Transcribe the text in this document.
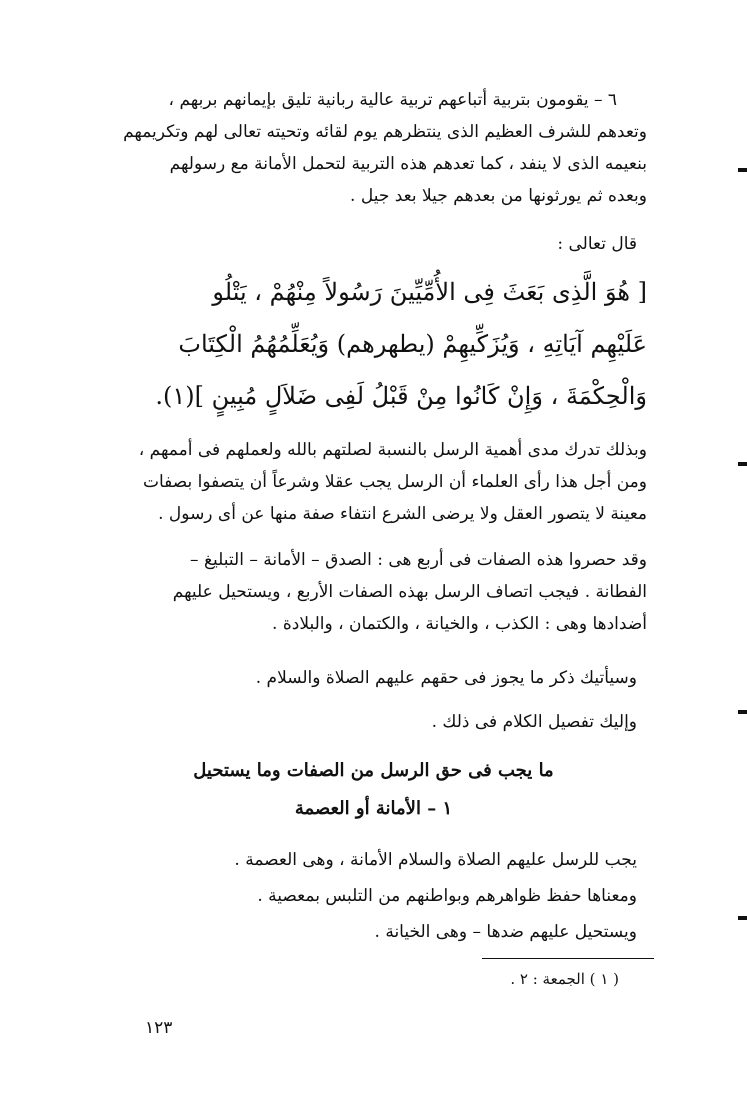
٦ – يقومون بتربية أتباعهم تربية عالية ربانية تليق بإيمانهم بربهم ،
وتعدهم للشرف العظيم الذى ينتظرهم يوم لقائه وتحيته تعالى لهم وتكريمهم
بنعيمه الذى لا ينفد ، كما تعدهم هذه التربية لتحمل الأمانة مع رسولهم
وبعده ثم يورثونها من بعدهم جيلا بعد جيل .
قال تعالى :
[ هُوَ الَّذِى بَعَثَ فِى الأُمِّيِّينَ رَسُولاً مِنْهُمْ ، يَتْلُو
عَلَيْهِم آيَاتِهِ ، وَيُزَكِّيهِمْ (يطهرهم) وَيُعَلِّمُهُمُ الْكِتَابَ
وَالْحِكْمَةَ ، وَإِنْ كَانُوا مِنْ قَبْلُ لَفِى ضَلاَلٍ مُبِينٍ ](١).
وبذلك تدرك مدى أهمية الرسل بالنسبة لصلتهم بالله ولعملهم فى أممهم ،
ومن أجل هذا رأى العلماء أن الرسل يجب عقلا وشرعاً أن يتصفوا بصفات
معينة لا يتصور العقل ولا يرضى الشرع انتفاء صفة منها عن أى رسول .
وقد حصروا هذه الصفات فى أربع هى : الصدق – الأمانة – التبليغ –
الفطانة . فيجب اتصاف الرسل بهذه الصفات الأربع ، ويستحيل عليهم
أضدادها وهى : الكذب ، والخيانة ، والكتمان ، والبلادة .
وسيأتيك ذكر ما يجوز فى حقهم عليهم الصلاة والسلام .
وإليك تفصيل الكلام فى ذلك .
ما يجب فى حق الرسل من الصفات وما يستحيل
١ – الأمانة أو العصمة
يجب للرسل عليهم الصلاة والسلام الأمانة ، وهى العصمة .
ومعناها حفظ ظواهرهم وبواطنهم من التلبس بمعصية .
ويستحيل عليهم ضدها – وهى الخيانة .
( ١ ) الجمعة : ٢ .
١٢٣
